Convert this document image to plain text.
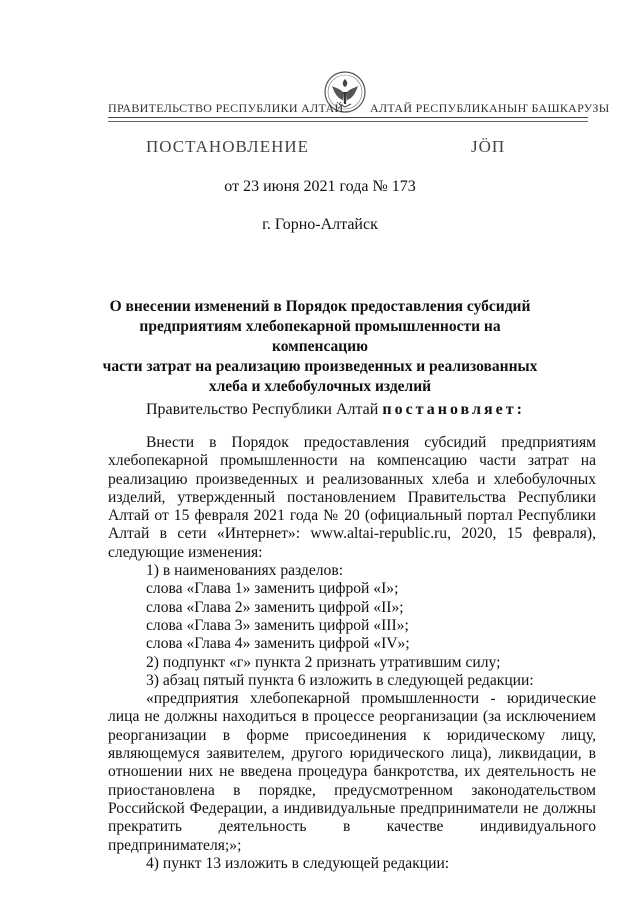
ПРАВИТЕЛЬСТВО РЕСПУБЛИКИ АЛТАЙ АЛТАЙ РЕСПУБЛИКАНЫҤ БАШКАРУЗЫ
ПОСТАНОВЛЕНИЕ	ЈӦП
от 23 июня 2021 года № 173
г. Горно-Алтайск
О внесении изменений в Порядок предоставления субсидий
предприятиям хлебопекарной промышленности на компенсацию
части затрат на реализацию произведенных и реализованных
хлеба и хлебобулочных изделий
Правительство Республики Алтай постановляет:

Внести в Порядок предоставления субсидий предприятиям хлебопекарной промышленности на компенсацию части затрат на реализацию произведенных и реализованных хлеба и хлебобулочных изделий, утвержденный постановлением Правительства Республики Алтай от 15 февраля 2021 года № 20 (официальный портал Республики Алтай в сети «Интернет»: www.altai-republic.ru, 2020, 15 февраля), следующие изменения:

1) в наименованиях разделов:

слова «Глава 1» заменить цифрой «I»;

слова «Глава 2» заменить цифрой «II»;

слова «Глава 3» заменить цифрой «III»;

слова «Глава 4» заменить цифрой «IV»;

2) подпункт «г» пункта 2 признать утратившим силу;

3) абзац пятый пункта 6 изложить в следующей редакции:

«предприятия хлебопекарной промышленности - юридические лица не должны находиться в процессе реорганизации (за исключением реорганизации в форме присоединения к юридическому лицу, являющемуся заявителем, другого юридического лица), ликвидации, в отношении них не введена процедура банкротства, их деятельность не приостановлена в порядке, предусмотренном законодательством Российской Федерации, а индивидуальные предприниматели не должны прекратить деятельность в качестве индивидуального предпринимателя;»;

4) пункт 13 изложить в следующей редакции:
